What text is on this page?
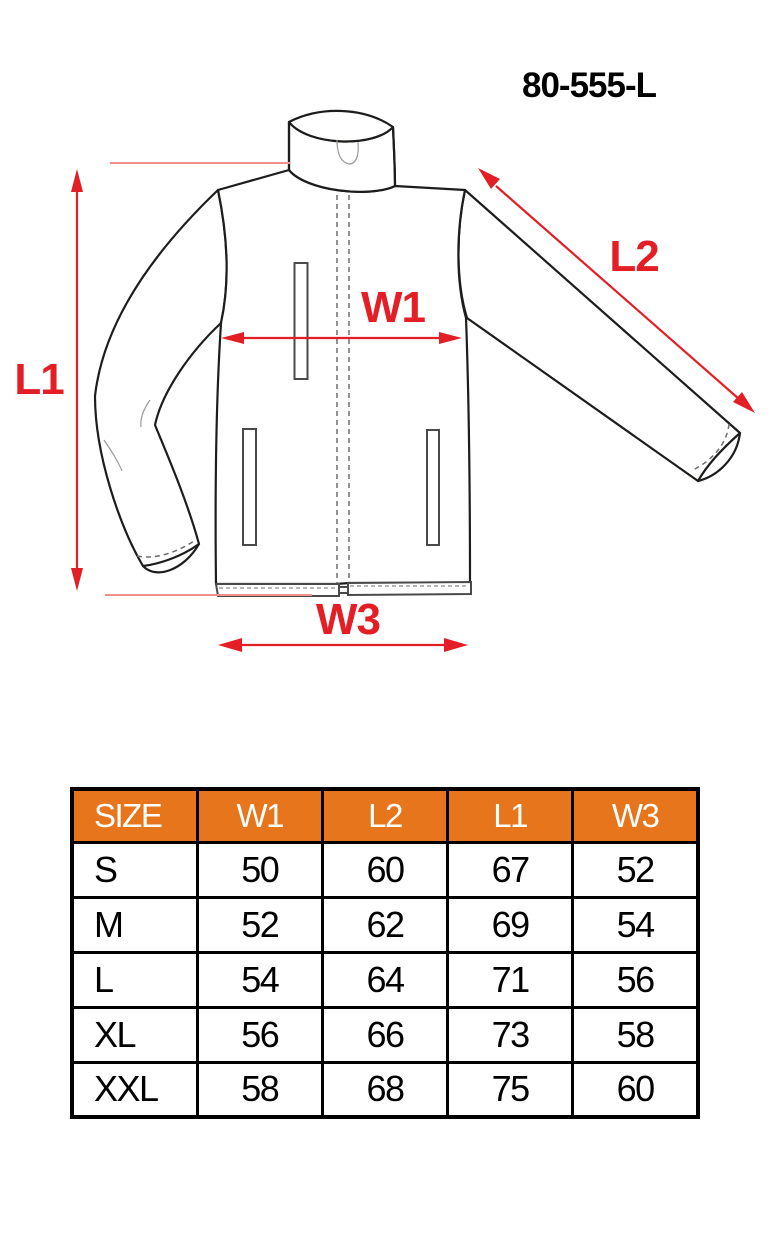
80-555-L
L1
W1
L2
W3
SIZE	W1	L2	L1	W3
S	50	60	67	52
M	52	62	69	54
L	54	64	71	56
XL	56	66	73	58
XXL	58	68	75	60
